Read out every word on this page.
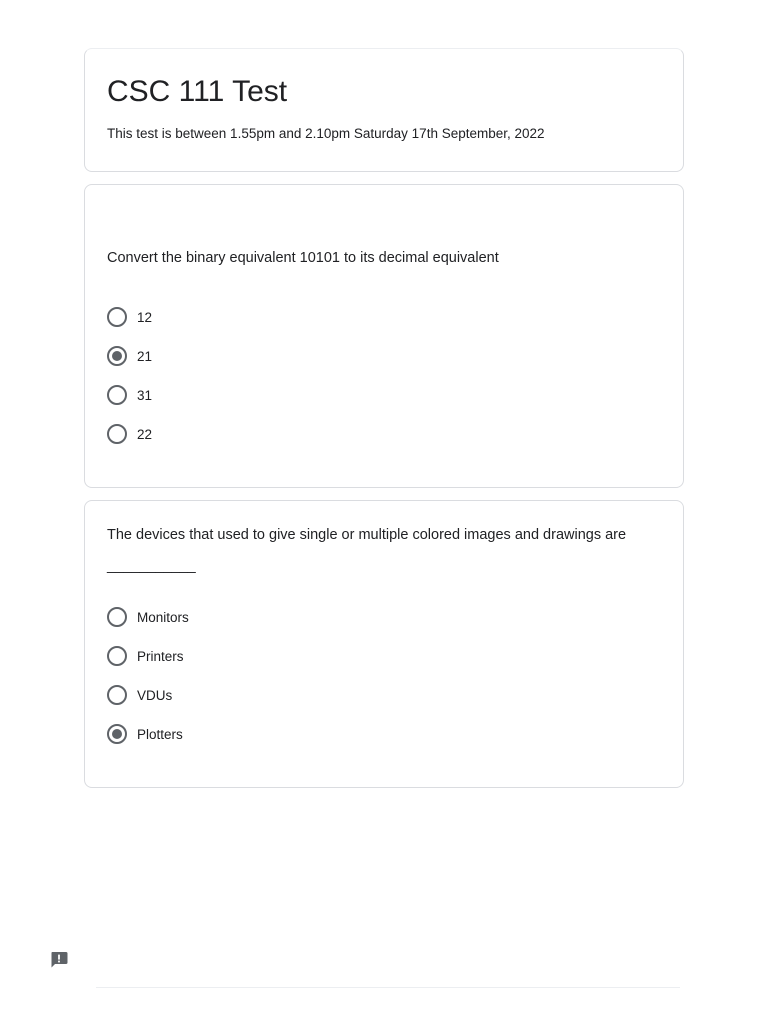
CSC 111 Test
This test is between 1.55pm and 2.10pm Saturday 17th September, 2022
Convert the binary equivalent 10101 to its decimal equivalent
12
21
31
22
The devices that used to give single or multiple colored images and drawings are ___________
Monitors
Printers
VDUs
Plotters
